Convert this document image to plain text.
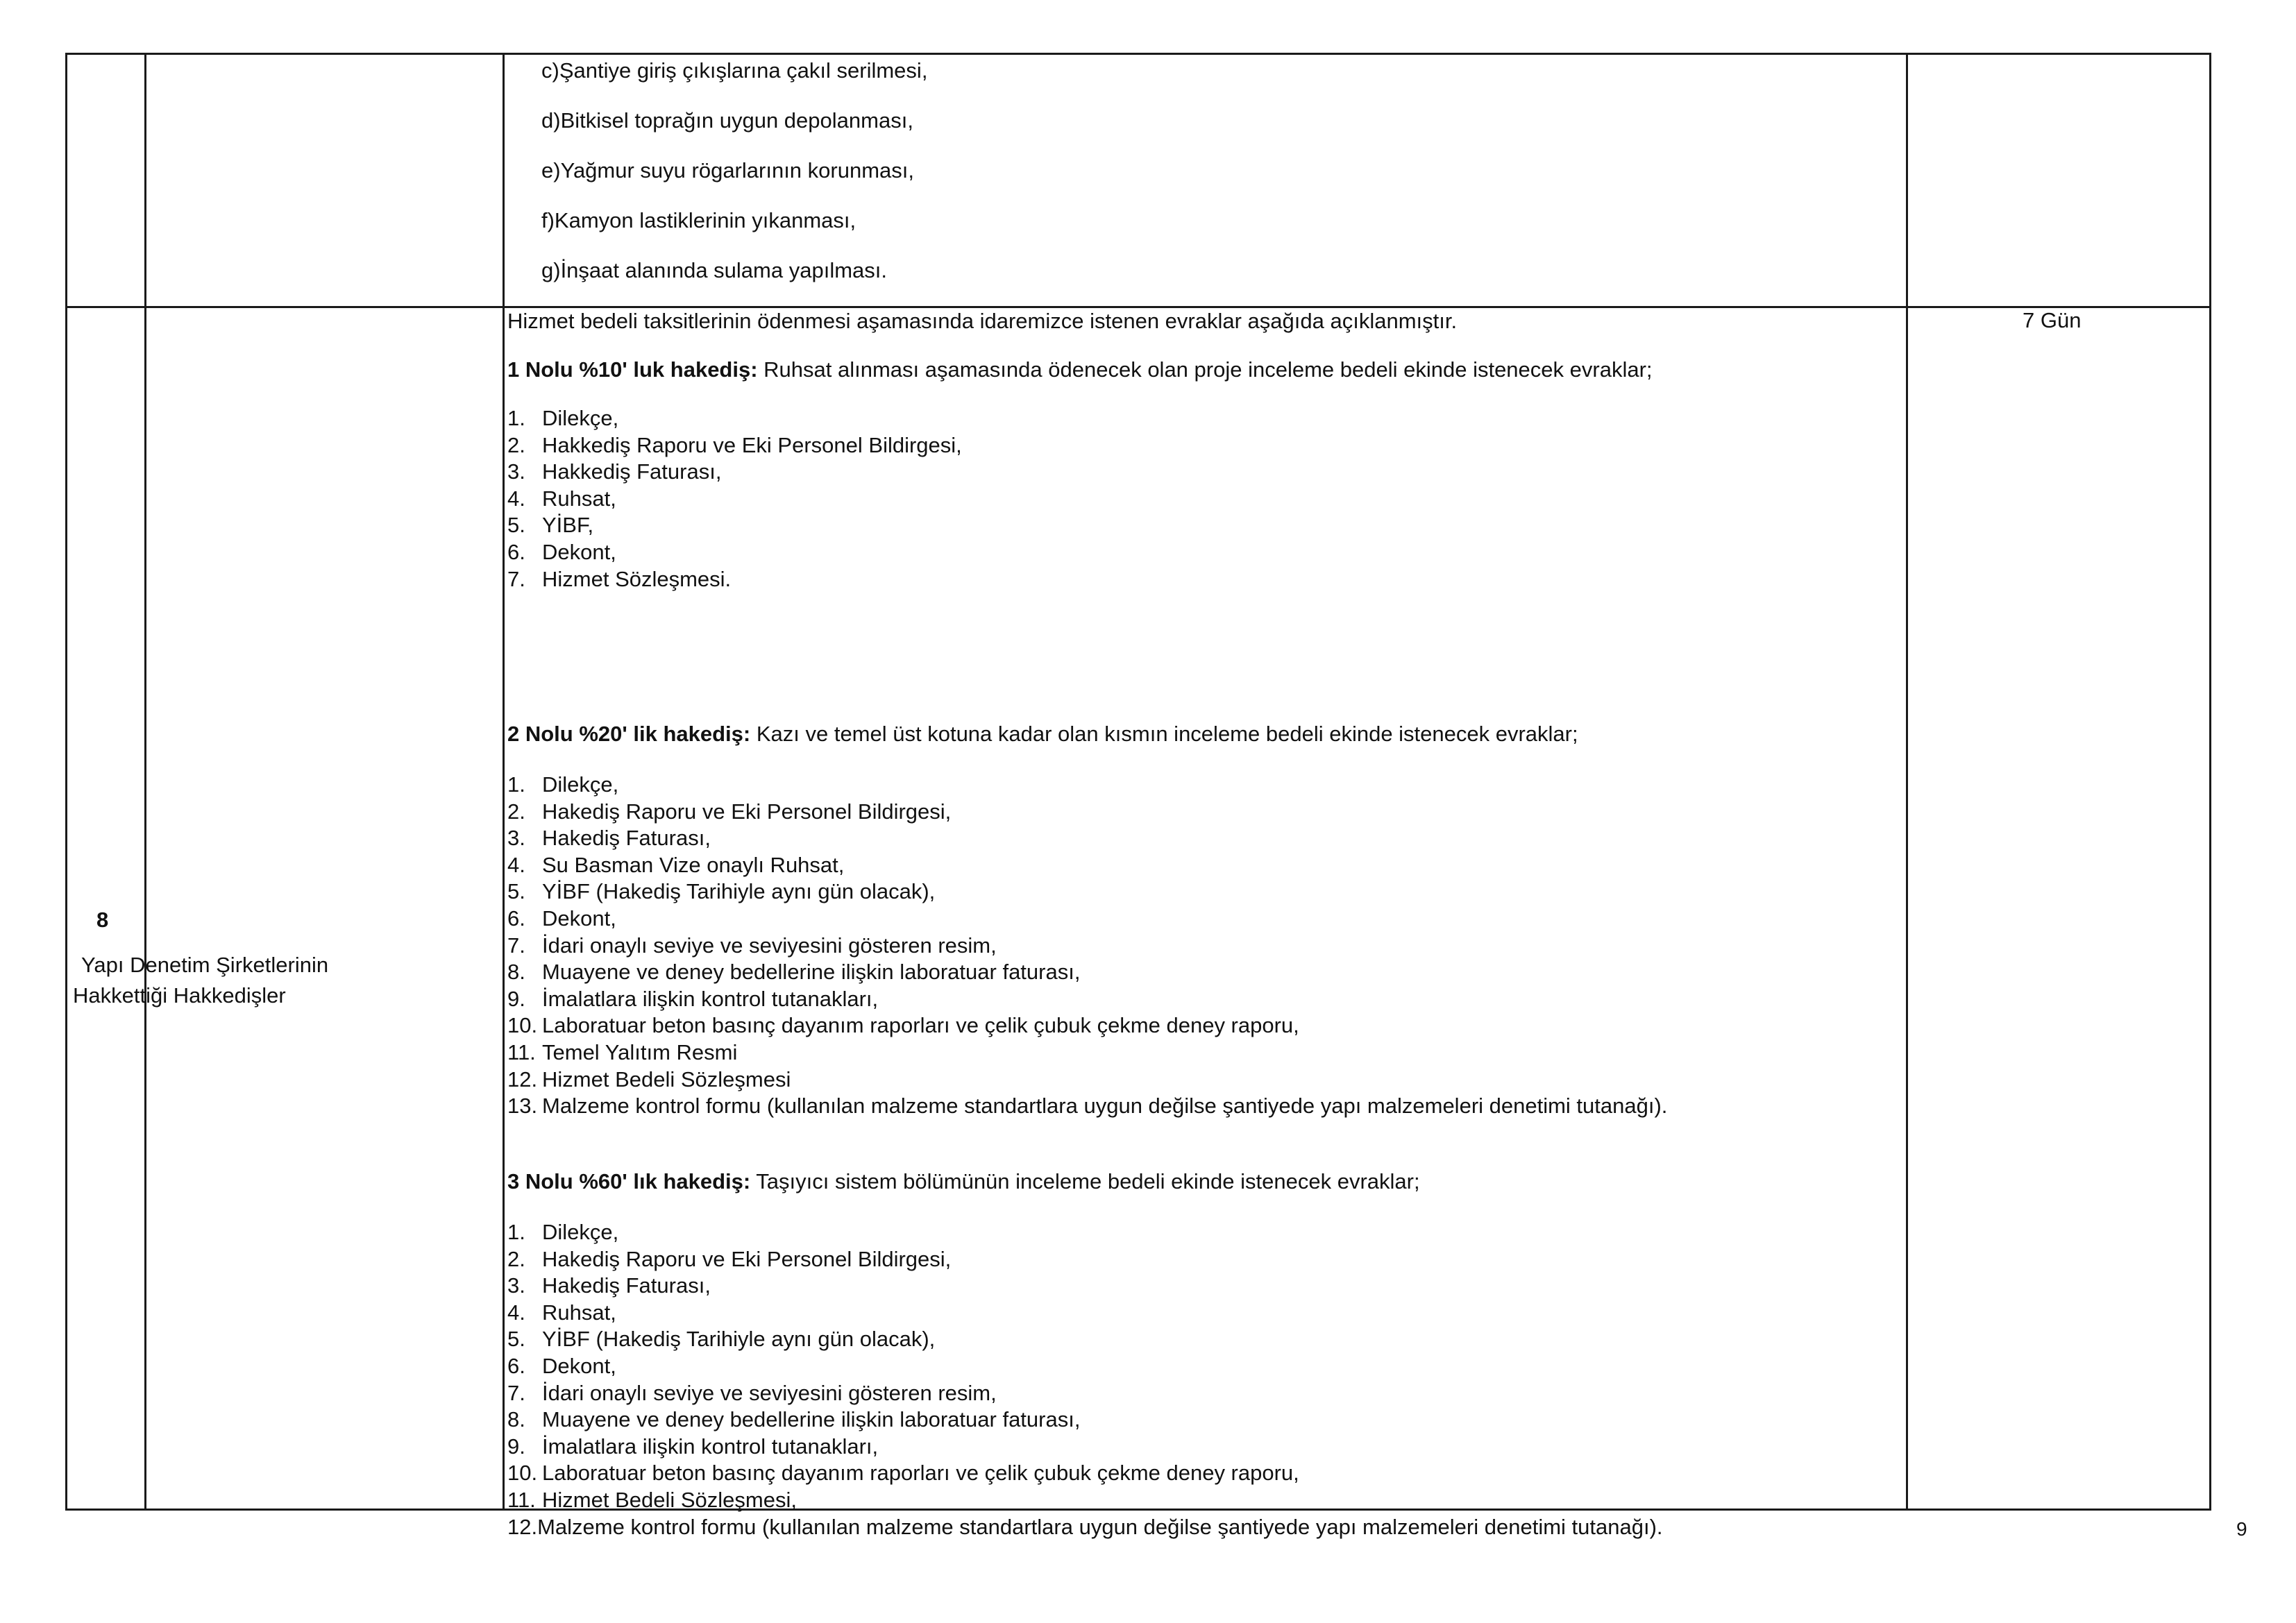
c)Şantiye giriş çıkışlarına çakıl serilmesi,
d)Bitkisel toprağın uygun depolanması,
e)Yağmur suyu rögarlarının korunması,
f)Kamyon lastiklerinin yıkanması,
g)İnşaat alanında sulama yapılması.
8
Yapı Denetim Şirketlerinin
Hakkettiği Hakkedişler
7 Gün
Hizmet bedeli taksitlerinin ödenmesi aşamasında idaremizce istenen evraklar aşağıda açıklanmıştır.
1 Nolu %10' luk hakediş: Ruhsat alınması aşamasında ödenecek olan proje inceleme bedeli ekinde istenecek evraklar;
1. Dilekçe,
2. Hakkediş Raporu ve Eki Personel Bildirgesi,
3. Hakkediş Faturası,
4. Ruhsat,
5. YİBF,
6. Dekont,
7. Hizmet Sözleşmesi.
2 Nolu %20' lik hakediş: Kazı ve temel üst kotuna kadar olan kısmın inceleme bedeli ekinde istenecek evraklar;
1. Dilekçe,
2. Hakediş Raporu ve Eki Personel Bildirgesi,
3. Hakediş Faturası,
4. Su Basman Vize onaylı Ruhsat,
5. YİBF (Hakediş Tarihiyle aynı gün olacak),
6. Dekont,
7. İdari onaylı seviye ve seviyesini gösteren resim,
8. Muayene ve deney bedellerine ilişkin laboratuar faturası,
9. İmalatlara ilişkin kontrol tutanakları,
10. Laboratuar beton basınç dayanım raporları ve çelik çubuk çekme deney raporu,
11. Temel Yalıtım Resmi
12. Hizmet Bedeli Sözleşmesi
13. Malzeme kontrol formu (kullanılan malzeme standartlara uygun değilse şantiyede yapı malzemeleri denetimi tutanağı).
3 Nolu %60' lık hakediş: Taşıyıcı sistem bölümünün inceleme bedeli ekinde istenecek evraklar;
1. Dilekçe,
2. Hakediş Raporu ve Eki Personel Bildirgesi,
3. Hakediş Faturası,
4. Ruhsat,
5. YİBF (Hakediş Tarihiyle aynı gün olacak),
6. Dekont,
7. İdari onaylı seviye ve seviyesini gösteren resim,
8. Muayene ve deney bedellerine ilişkin laboratuar faturası,
9. İmalatlara ilişkin kontrol tutanakları,
10. Laboratuar beton basınç dayanım raporları ve çelik çubuk çekme deney raporu,
11. Hizmet Bedeli Sözleşmesi,
12.Malzeme kontrol formu (kullanılan malzeme standartlara uygun değilse şantiyede yapı malzemeleri denetimi tutanağı).	9
